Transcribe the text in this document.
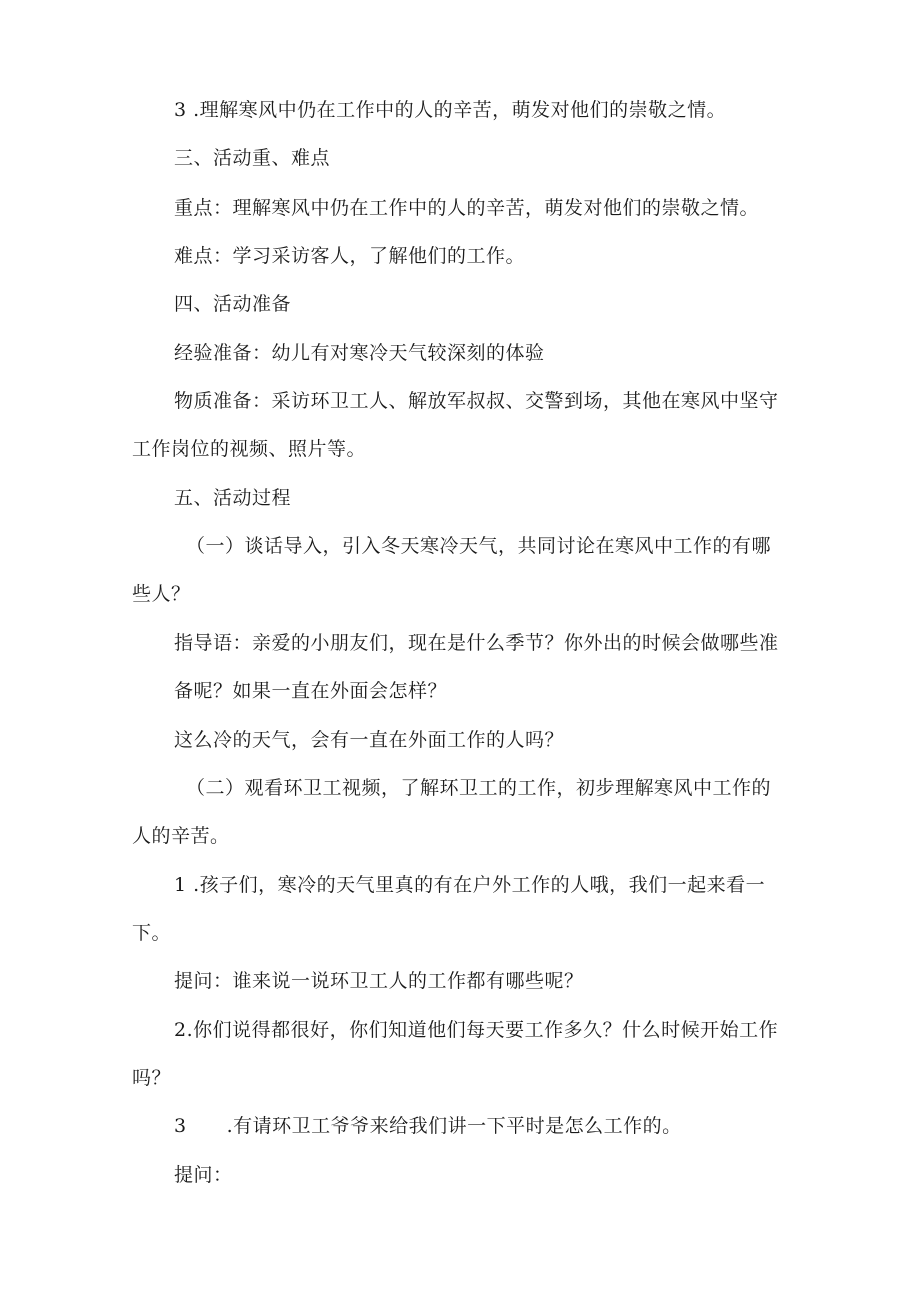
3 .理解寒风中仍在工作中的人的辛苦，萌发对他们的崇敬之情。
三、活动重、难点
重点：理解寒风中仍在工作中的人的辛苦，萌发对他们的崇敬之情。
难点：学习采访客人，了解他们的工作。
四、活动准备
经验准备：幼儿有对寒冷天气较深刻的体验
物质准备：采访环卫工人、解放军叔叔、交警到场，其他在寒风中坚守
工作岗位的视频、照片等。
五、活动过程
（一）谈话导入，引入冬天寒冷天气，共同讨论在寒风中工作的有哪
些人？
指导语：亲爱的小朋友们，现在是什么季节？你外出的时候会做哪些准
备呢？如果一直在外面会怎样？
这么冷的天气，会有一直在外面工作的人吗？
（二）观看环卫工视频，了解环卫工的工作，初步理解寒风中工作的
人的辛苦。
1 .孩子们，寒冷的天气里真的有在户外工作的人哦，我们一起来看一
下。
提问：谁来说一说环卫工人的工作都有哪些呢？
2.你们说得都很好，你们知道他们每天要工作多久？什么时候开始工作
吗？
3 .有请环卫工爷爷来给我们讲一下平时是怎么工作的。
提问：
